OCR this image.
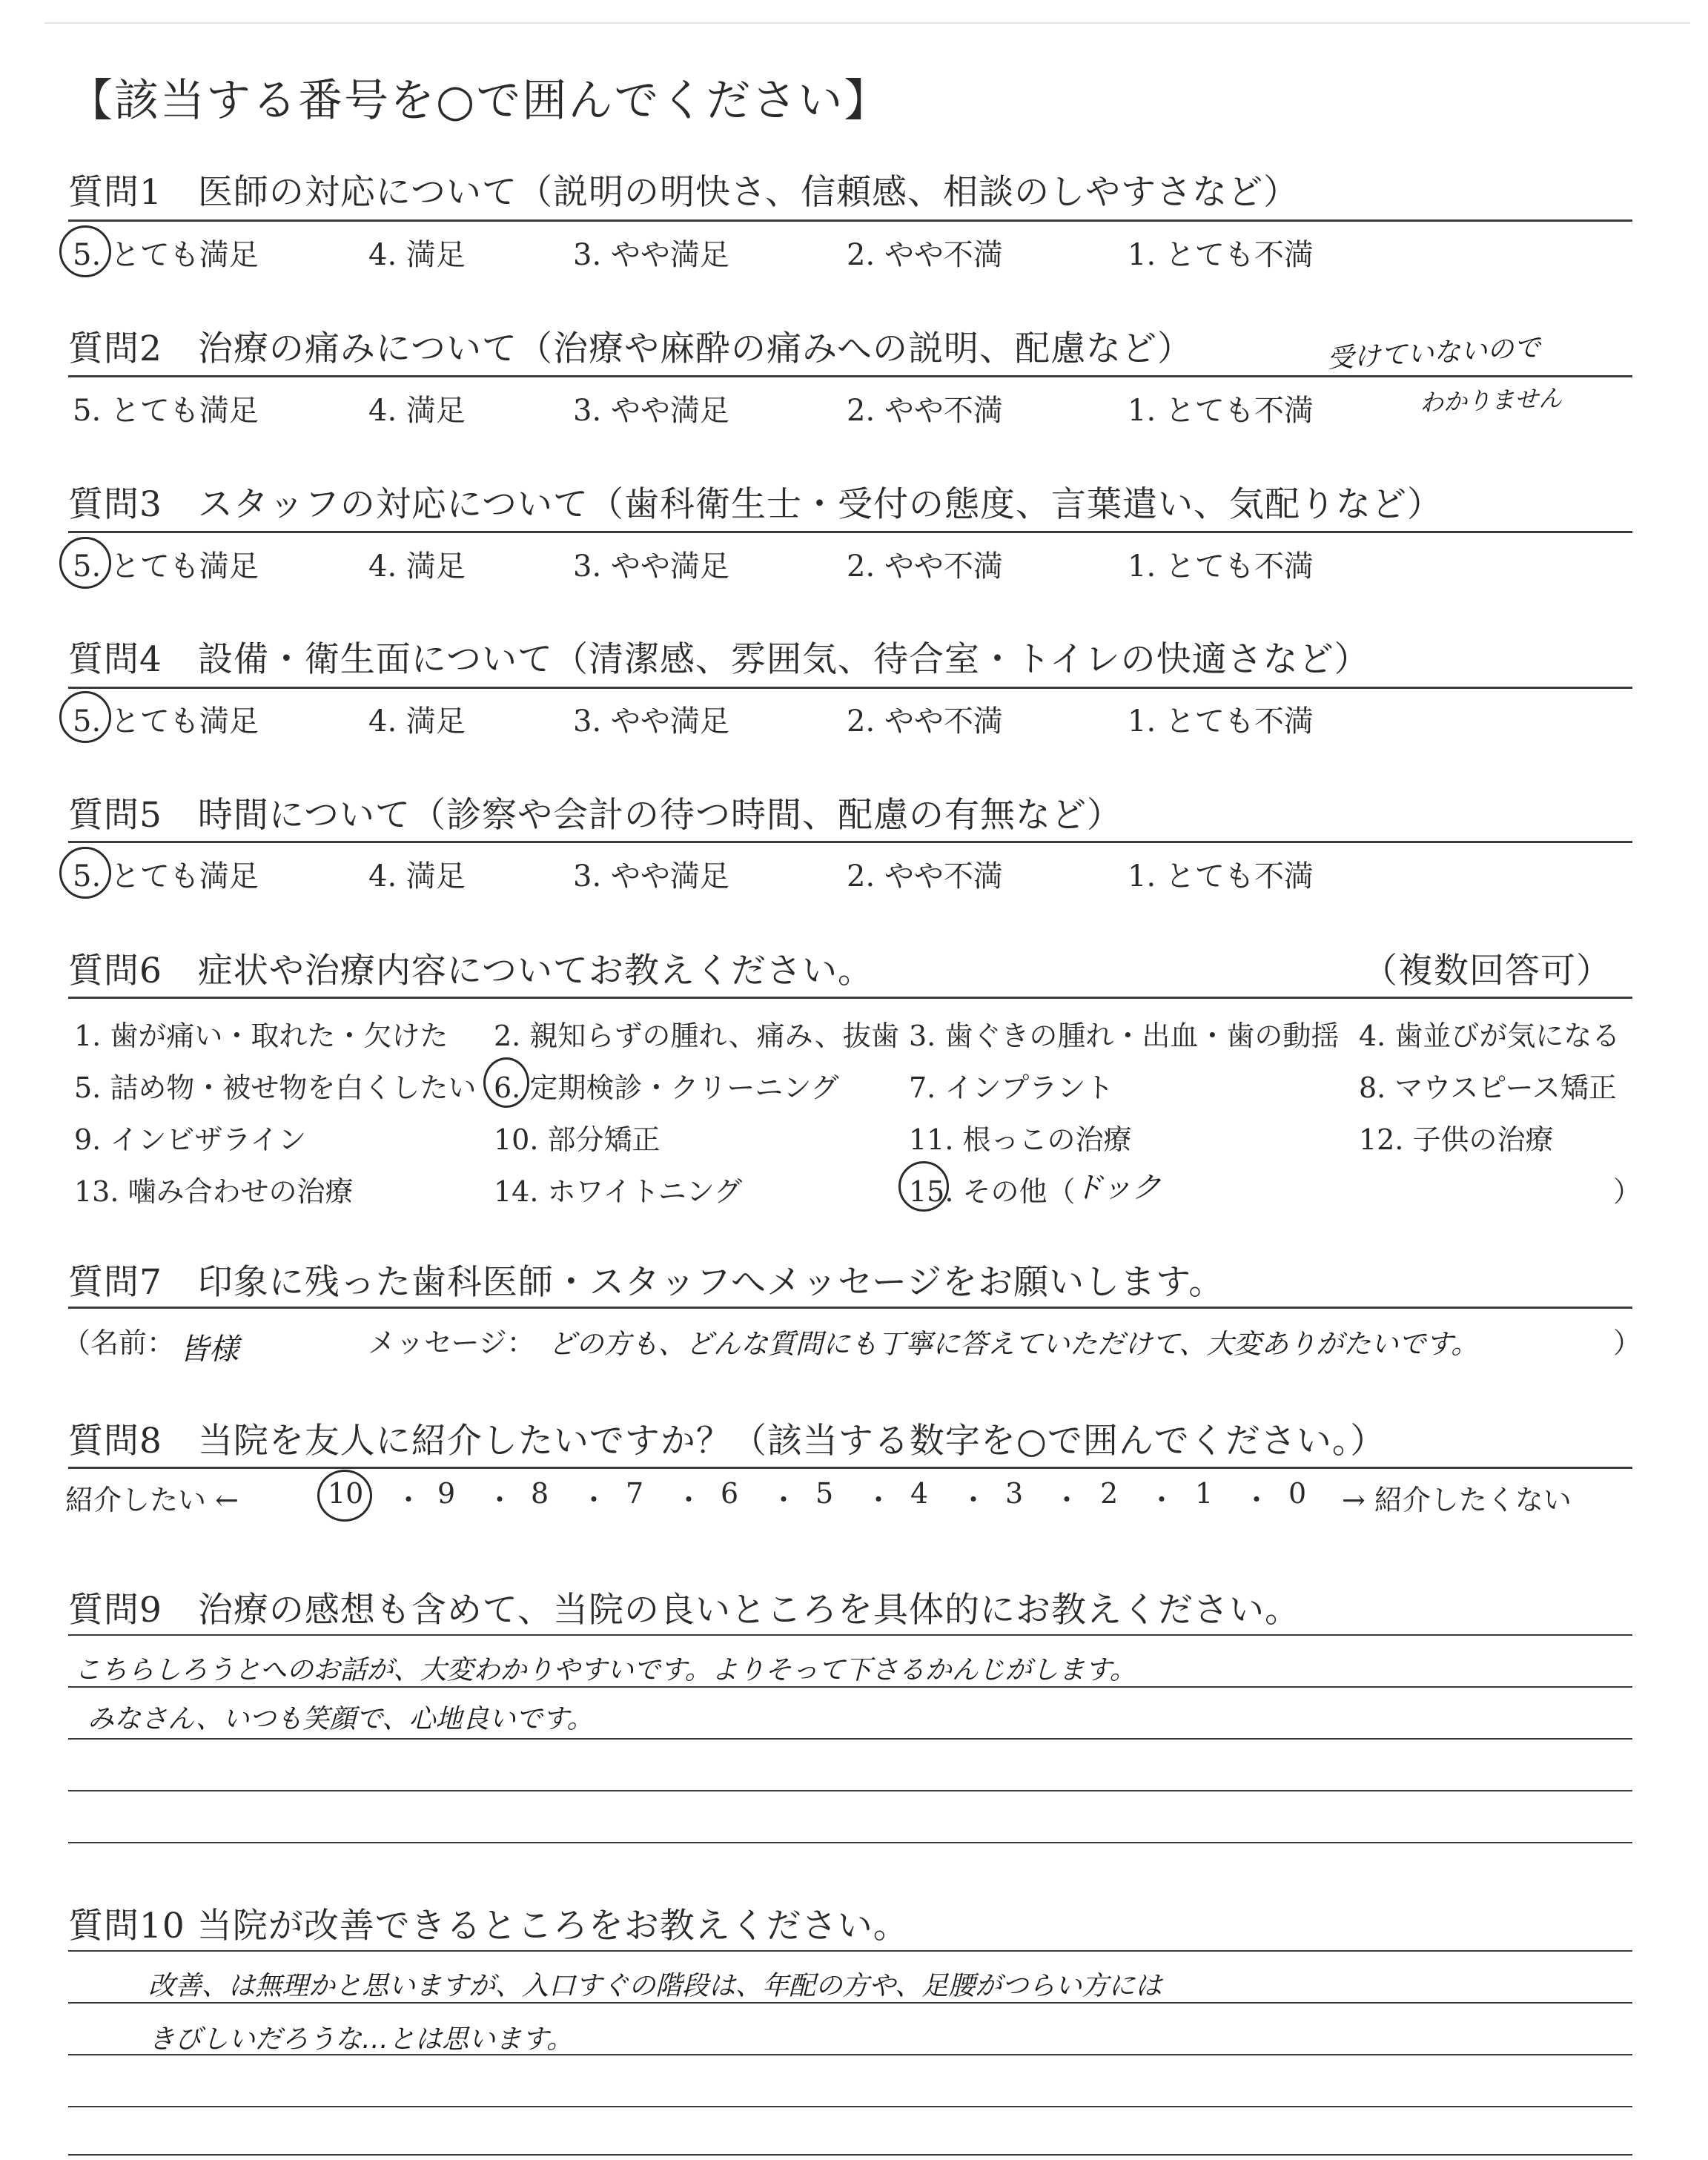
【該当する番号を○で囲んでください】
質問1　医師の対応について（説明の明快さ、信頼感、相談のしやすさなど）
5. とても満足	4. 満足	3. やや満足	2. やや不満	1. とても不満
質問2　治療の痛みについて（治療や麻酔の痛みへの説明、配慮など）
5. とても満足	4. 満足	3. やや満足	2. やや不満	1. とても不満
受けていないので
わかりません
質問3　スタッフの対応について（歯科衛生士・受付の態度、言葉遣い、気配りなど）
5. とても満足	4. 満足	3. やや満足	2. やや不満	1. とても不満
質問4　設備・衛生面について（清潔感、雰囲気、待合室・トイレの快適さなど）
5. とても満足	4. 満足	3. やや満足	2. やや不満	1. とても不満
質問5　時間について（診察や会計の待つ時間、配慮の有無など）
5. とても満足	4. 満足	3. やや満足	2. やや不満	1. とても不満
質問6　症状や治療内容についてお教えください。	（複数回答可）
1. 歯が痛い・取れた・欠けた 2. 親知らずの腫れ、痛み、抜歯 3. 歯ぐきの腫れ・出血・歯の動揺 4. 歯並びが気になる
5. 詰め物・被せ物を白くしたい 6. 定期検診・クリーニング 7. インプラント	8. マウスピース矯正
9. インビザライン	10. 部分矯正	11. 根っこの治療	12. 子供の治療
13. 噛み合わせの治療	14. ホワイトニング	15. その他（
ドック	）
質問7　印象に残った歯科医師・スタッフへメッセージをお願いします。
（名前： 皆様	メッセージ： どの方も、どんな質問にも丁寧に答えていただけて、大変ありがたいです。	）
質問8　当院を友人に紹介したいですか？（該当する数字を○で囲んでください。）
紹介したい ←	10 ・ 9 ・ 8 ・ 7 ・ 6 ・ 5 ・ 4 ・ 3 ・ 2 ・ 1 ・ 0 → 紹介したくない
質問9　治療の感想も含めて、当院の良いところを具体的にお教えください。
こちらしろうとへのお話が、大変わかりやすいです。よりそって下さるかんじがします。
みなさん、いつも笑顔で、心地良いです。
質問10 当院が改善できるところをお教えください。
改善、は無理かと思いますが、入口すぐの階段は、年配の方や、足腰がつらい方には
きびしいだろうな…とは思います。
